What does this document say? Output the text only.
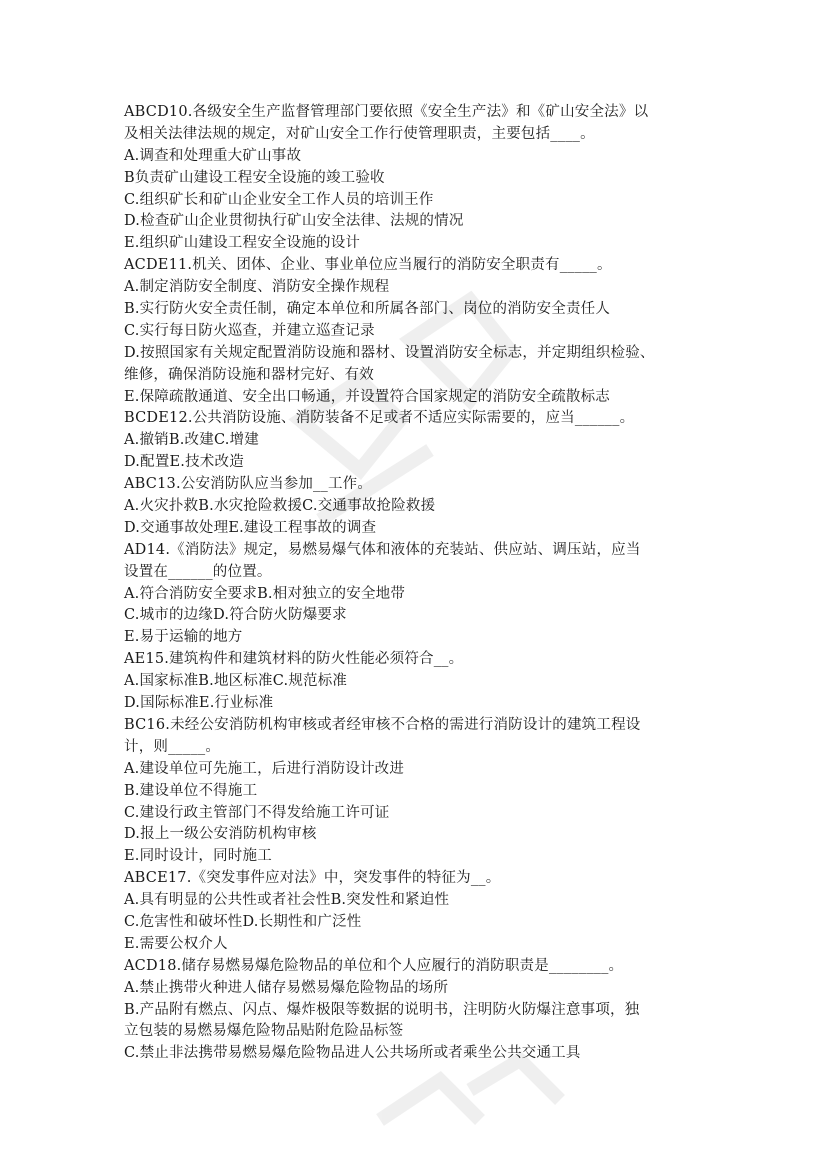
ABCD10.各级安全生产监督管理部门要依照《安全生产法》和《矿山安全法》以
及相关法律法规的规定，对矿山安全工作行使管理职责，主要包括____。
A.调查和处理重大矿山事故
B负责矿山建设工程安全设施的竣工验收
C.组织矿长和矿山企业安全工作人员的培训王作
D.检查矿山企业贯彻执行矿山安全法律、法规的情况
E.组织矿山建设工程安全设施的设计
ACDE11.机关、团体、企业、事业单位应当履行的消防安全职责有_____。
A.制定消防安全制度、消防安全操作规程
B.实行防火安全责任制，确定本单位和所属各部门、岗位的消防安全责任人
C.实行每日防火巡查，并建立巡查记录
D.按照国家有关规定配置消防设施和器材、设置消防安全标志，并定期组织检验、
维修，确保消防设施和器材完好、有效
E.保障疏散通道、安全出口畅通，并设置符合国家规定的消防安全疏散标志
BCDE12.公共消防设施、消防装备不足或者不适应实际需要的，应当______。
A.撤销B.改建C.增建
D.配置E.技术改造
ABC13.公安消防队应当参加__工作。
A.火灾扑救B.水灾抢险救援C.交通事故抢险救援
D.交通事故处理E.建设工程事故的调查
AD14.《消防法》规定，易燃易爆气体和液体的充装站、供应站、调压站，应当
设置在______的位置。
A.符合消防安全要求B.相对独立的安全地带
C.城市的边缘D.符合防火防爆要求
E.易于运输的地方
AE15.建筑构件和建筑材料的防火性能必须符合__。
A.国家标准B.地区标准C.规范标准
D.国际标准E.行业标准
BC16.未经公安消防机构审核或者经审核不合格的需进行消防设计的建筑工程设
计，则_____。
A.建设单位可先施工，后进行消防设计改进
B.建设单位不得施工
C.建设行政主管部门不得发给施工许可证
D.报上一级公安消防机构审核
E.同时设计，同时施工
ABCE17.《突发事件应对法》中，突发事件的特征为__。
A.具有明显的公共性或者社会性B.突发性和紧迫性
C.危害性和破坏性D.长期性和广泛性
E.需要公权介人
ACD18.储存易燃易爆危险物品的单位和个人应履行的消防职责是________。
A.禁止携带火种进人储存易燃易爆危险物品的场所
B.产品附有燃点、闪点、爆炸极限等数据的说明书，注明防火防爆注意事项，独
立包装的易燃易爆危险物品贴附危险品标签
C.禁止非法携带易燃易爆危险物品进人公共场所或者乘坐公共交通工具
